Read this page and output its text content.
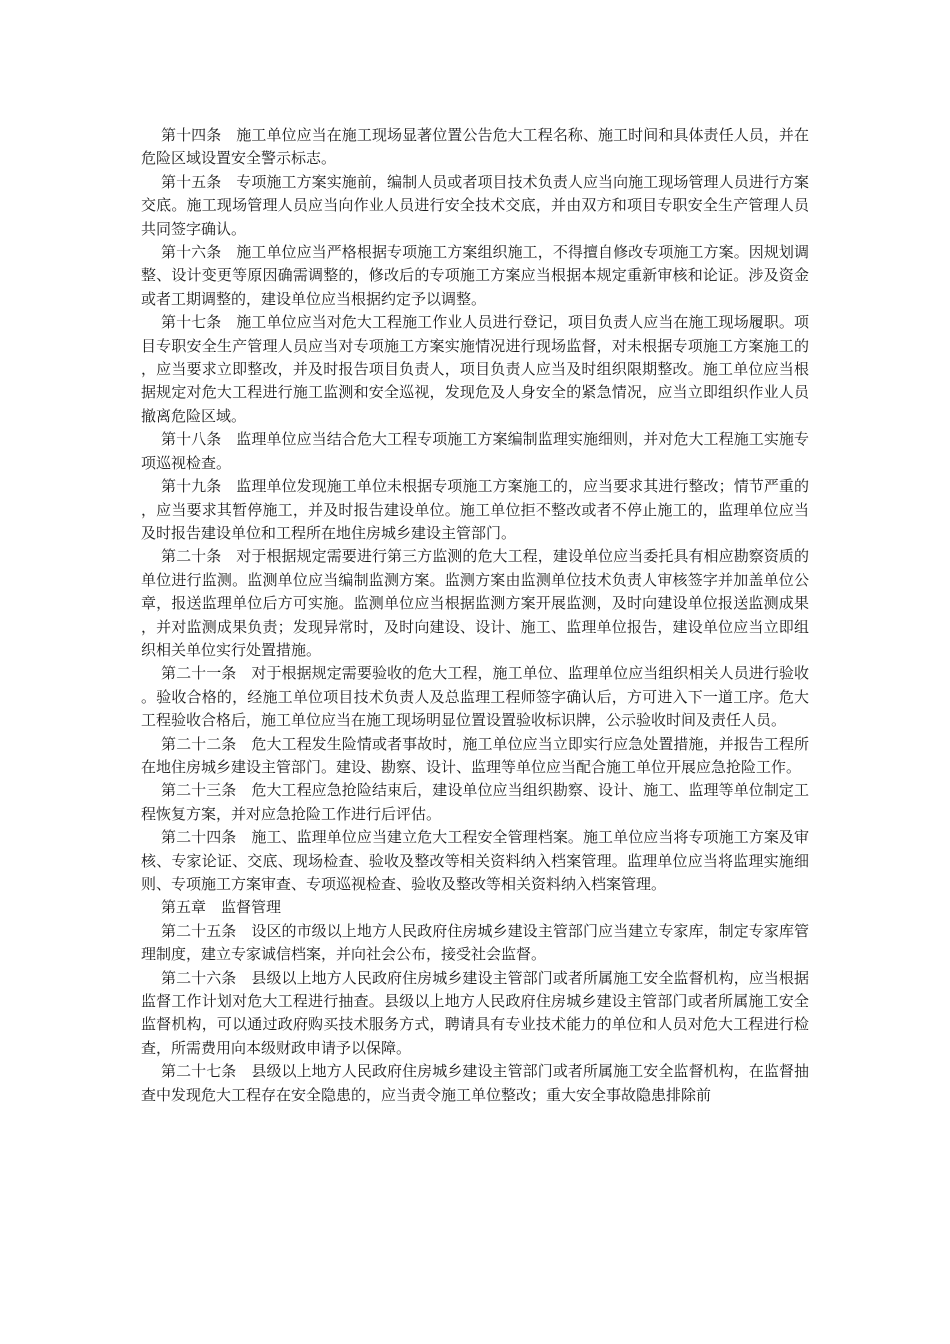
第十四条 施工单位应当在施工现场显著位置公告危大工程名称、施工时间和具体责任人员，并在危险区域设置安全警示标志。

第十五条 专项施工方案实施前，编制人员或者项目技术负责人应当向施工现场管理人员进行方案交底。施工现场管理人员应当向作业人员进行安全技术交底，并由双方和项目专职安全生产管理人员共同签字确认。

第十六条 施工单位应当严格根据专项施工方案组织施工，不得擅自修改专项施工方案。因规划调整、设计变更等原因确需调整的，修改后的专项施工方案应当根据本规定重新审核和论证。涉及资金或者工期调整的，建设单位应当根据约定予以调整。

第十七条 施工单位应当对危大工程施工作业人员进行登记，项目负责人应当在施工现场履职。项目专职安全生产管理人员应当对专项施工方案实施情况进行现场监督，对未根据专项施工方案施工的，应当要求立即整改，并及时报告项目负责人，项目负责人应当及时组织限期整改。施工单位应当根据规定对危大工程进行施工监测和安全巡视，发现危及人身安全的紧急情况，应当立即组织作业人员撤离危险区域。

第十八条 监理单位应当结合危大工程专项施工方案编制监理实施细则，并对危大工程施工实施专项巡视检查。

第十九条 监理单位发现施工单位未根据专项施工方案施工的，应当要求其进行整改；情节严重的，应当要求其暂停施工，并及时报告建设单位。施工单位拒不整改或者不停止施工的，监理单位应当及时报告建设单位和工程所在地住房城乡建设主管部门。

第二十条 对于根据规定需要进行第三方监测的危大工程，建设单位应当委托具有相应勘察资质的单位进行监测。监测单位应当编制监测方案。监测方案由监测单位技术负责人审核签字并加盖单位公章，报送监理单位后方可实施。监测单位应当根据监测方案开展监测，及时向建设单位报送监测成果，并对监测成果负责；发现异常时，及时向建设、设计、施工、监理单位报告，建设单位应当立即组织相关单位实行处置措施。

第二十一条 对于根据规定需要验收的危大工程，施工单位、监理单位应当组织相关人员进行验收。验收合格的，经施工单位项目技术负责人及总监理工程师签字确认后，方可进入下一道工序。危大工程验收合格后，施工单位应当在施工现场明显位置设置验收标识牌，公示验收时间及责任人员。

第二十二条 危大工程发生险情或者事故时，施工单位应当立即实行应急处置措施，并报告工程所在地住房城乡建设主管部门。建设、勘察、设计、监理等单位应当配合施工单位开展应急抢险工作。

第二十三条 危大工程应急抢险结束后，建设单位应当组织勘察、设计、施工、监理等单位制定工程恢复方案，并对应急抢险工作进行后评估。

第二十四条 施工、监理单位应当建立危大工程安全管理档案。施工单位应当将专项施工方案及审核、专家论证、交底、现场检查、验收及整改等相关资料纳入档案管理。监理单位应当将监理实施细则、专项施工方案审查、专项巡视检查、验收及整改等相关资料纳入档案管理。

第五章 监督管理

第二十五条 设区的市级以上地方人民政府住房城乡建设主管部门应当建立专家库，制定专家库管理制度，建立专家诚信档案，并向社会公布，接受社会监督。

第二十六条 县级以上地方人民政府住房城乡建设主管部门或者所属施工安全监督机构，应当根据监督工作计划对危大工程进行抽查。县级以上地方人民政府住房城乡建设主管部门或者所属施工安全监督机构，可以通过政府购买技术服务方式，聘请具有专业技术能力的单位和人员对危大工程进行检查，所需费用向本级财政申请予以保障。

第二十七条 县级以上地方人民政府住房城乡建设主管部门或者所属施工安全监督机构，在监督抽查中发现危大工程存在安全隐患的，应当责令施工单位整改；重大安全事故隐患排除前
